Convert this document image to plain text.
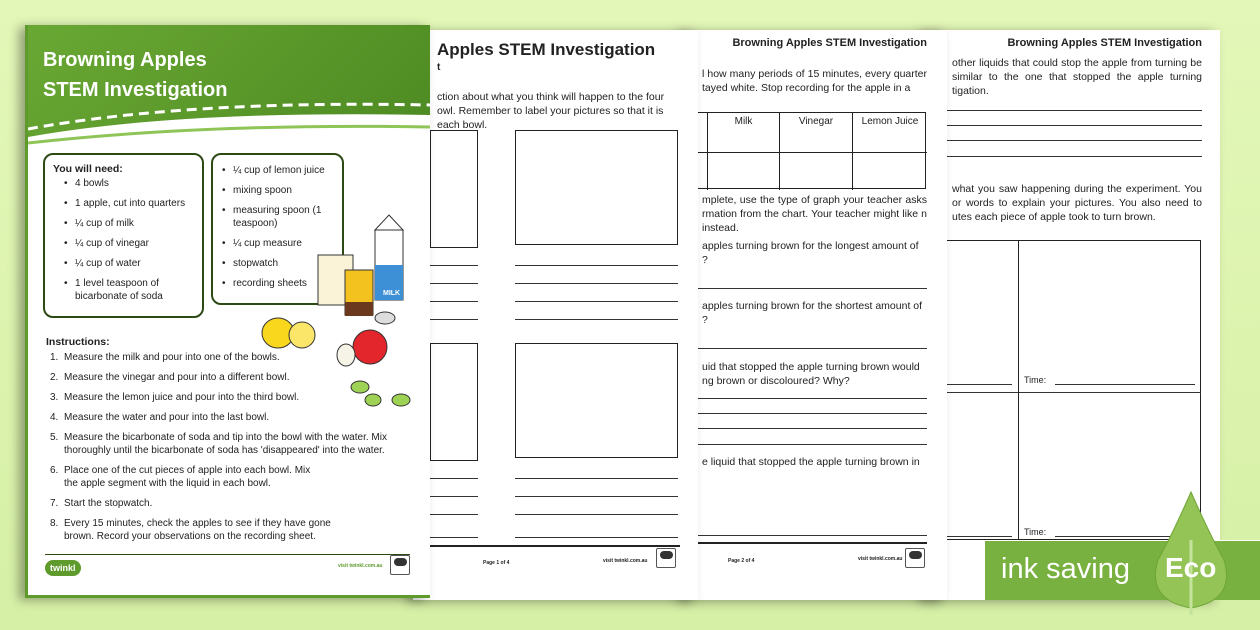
Browning Apples STEM Investigation
other liquids that could stop the apple from turning be similar to the one that stopped the apple turning tigation.
what you saw happening during the experiment. You or words to explain your pictures. You also need to utes each piece of apple took to turn brown.
Time:
Time:
Browning Apples STEM Investigation
l how many periods of 15 minutes, every quarter tayed white. Stop recording for the apple in a
Milk	Vinegar	Lemon Juice
mplete, use the type of graph your teacher asks rmation from the chart. Your teacher might like n instead.
apples turning brown for the longest amount of ?
apples turning brown for the shortest amount of ?
uid that stopped the apple turning brown would ng brown or discoloured? Why?
e liquid that stopped the apple turning brown in
Page 2 of 4	visit twinkl.com.au
Apples STEM Investigation
t
ction about what you think will happen to the four owl. Remember to label your pictures so that it is each bowl.
Page 1 of 4	visit twinkl.com.au
Browning Apples
STEM Investigation
You will need:
• 4 bowls
• 1 apple, cut into quarters
• ¼ cup of milk
• ¼ cup of vinegar
• ¼ cup of water
• 1 level teaspoon of bicarbonate of soda
• ¼ cup of lemon juice
• mixing spoon
• measuring spoon (1 teaspoon)
• ¼ cup measure
• stopwatch
• recording sheets
MILK
Instructions:
1. Measure the milk and pour into one of the bowls.
2. Measure the vinegar and pour into a different bowl.
3. Measure the lemon juice and pour into the third bowl.
4. Measure the water and pour into the last bowl.
5. Measure the bicarbonate of soda and tip into the bowl with the water. Mix thoroughly until the bicarbonate of soda has 'disappeared' into the water.
6. Place one of the cut pieces of apple into each bowl. Mix the apple segment with the liquid in each bowl.
7. Start the stopwatch.
8. Every 15 minutes, check the apples to see if they have gone brown. Record your observations on the recording sheet.
twinkl	visit twinkl.com.au	ink saving Eco
